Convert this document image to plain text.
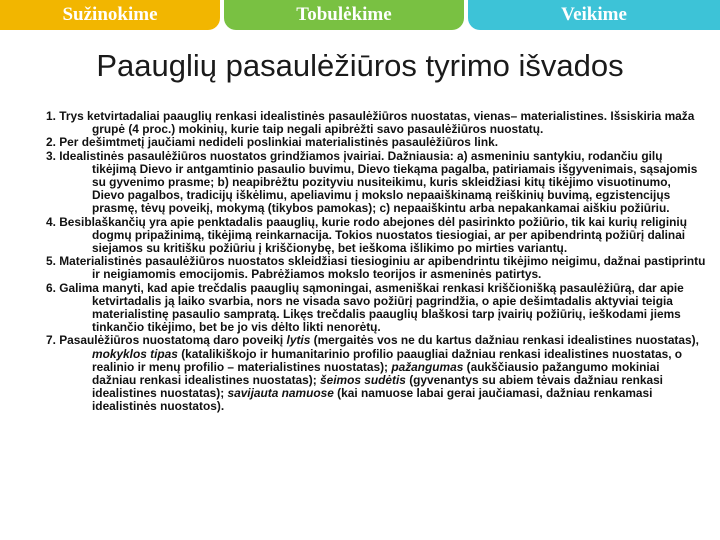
Sužinokime	Tobulėkime	Veikime
Paauglių pasaulėžiūros tyrimo išvados
1. Trys ketvirtadaliai paauglių renkasi idealistinės pasaulėžiūros nuostatas, vienas– materialistines. Išsiskiria maža grupė (4 proc.) mokinių, kurie taip negali apibrėžti savo pasaulėžiūros nuostatų.
2. Per dešimtmetį jaučiami nedideli poslinkiai materialistinės pasaulėžiūros link.
3. Idealistinės pasaulėžiūros nuostatos grindžiamos įvairiai. Dažniausia: a) asmeniniu santykiu, rodančiu gilų tikėjimą Dievo ir antgamtinio pasaulio buvimu, Dievo tiekąma pagalba, patiriamais išgyvenimais, sąsajomis su gyvenimo prasme; b) neapibrėžtu pozityviu nusiteikimu, kuris skleidžiasi kitų tikėjimo visuotinumo, Dievo pagalbos, tradicijų iškėlimu, apeliavimu į mokslo nepaaiškinamą reiškinių buvimą, egzistencijųs prasmę, tėvų poveikį, mokymą (tikybos pamokas); c) nepaaiškintu arba nepakankamai aiškiu požiūriu.
4. Besiblaškančių yra apie penktadalis paauglių, kurie rodo abejones dėl pasirinkto požiūrio, tik kai kurių religinių dogmų pripažinimą, tikėjimą reinkarnacija. Tokios nuostatos tiesiogiai, ar per apibendrintą požiūrį dalinai siejamos su kritišku požiūriu į kriščionybę, bet ieškoma išlikimo po mirties variantų.
5. Materialistinės pasaulėžiūros nuostatos skleidžiasi tiesioginiu ar apibendrintu tikėjimo neigimu, dažnai pastiprintu ir neigiamomis emocijomis. Pabrėžiamos mokslo teorijos ir asmeninės patirtys.
6. Galima manyti, kad apie trečdalis paauglių sąmoningai, asmeniškai renkasi kriščionišką pasaulėžiūrą, dar apie ketvirtadalis ją laiko svarbia, nors ne visada savo požiūrį pagrindžia, o apie dešimtadalis aktyviai teigia materialistinę pasaulio sampratą. Likęs trečdalis paauglių blaškosi tarp įvairių požiūrių, ieškodami jiems tinkančio tikėjimo, bet be jo vis dėlto likti nenorėtų.
7. Pasaulėžiūros nuostatomą daro poveikį lytis (mergaitės vos ne du kartus dažniau renkasi idealistines nuostatas), mokyklos tipas (katalikiškojo ir humanitarinio profilio paaugliai dažniau renkasi idealistines nuostatas, o realinio ir menų profilio – materialistines nuostatas); pažangumas (aukščiausio pažangumo mokiniai dažniau renkasi idealistines nuostatas); šeimos sudėtis (gyvenantys su abiem tėvais dažniau renkasi idealistines nuostatas); savijauta namuose (kai namuose labai gerai jaučiamasi, dažniau renkamasi idealistinės nuostatos).
